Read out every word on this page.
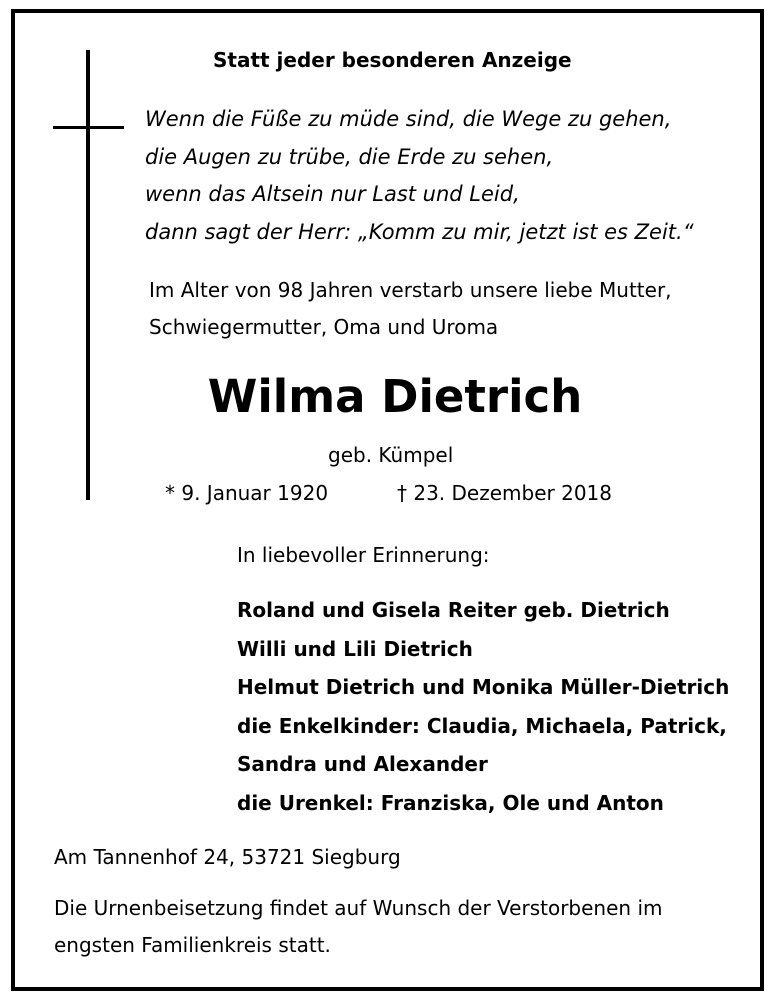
Statt jeder besonderen Anzeige
Wenn die Füße zu müde sind, die Wege zu gehen,
die Augen zu trübe, die Erde zu sehen,
wenn das Altsein nur Last und Leid,
dann sagt der Herr: „Komm zu mir, jetzt ist es Zeit.“
Im Alter von 98 Jahren verstarb unsere liebe Mutter,
Schwiegermutter, Oma und Uroma
Wilma Dietrich
geb. Kümpel
* 9. Januar 1920	† 23. Dezember 2018
In liebevoller Erinnerung:
Roland und Gisela Reiter geb. Dietrich
Willi und Lili Dietrich
Helmut Dietrich und Monika Müller-Dietrich
die Enkelkinder: Claudia, Michaela, Patrick,
Sandra und Alexander
die Urenkel: Franziska, Ole und Anton
Am Tannenhof 24, 53721 Siegburg
Die Urnenbeisetzung findet auf Wunsch der Verstorbenen im
engsten Familienkreis statt.
